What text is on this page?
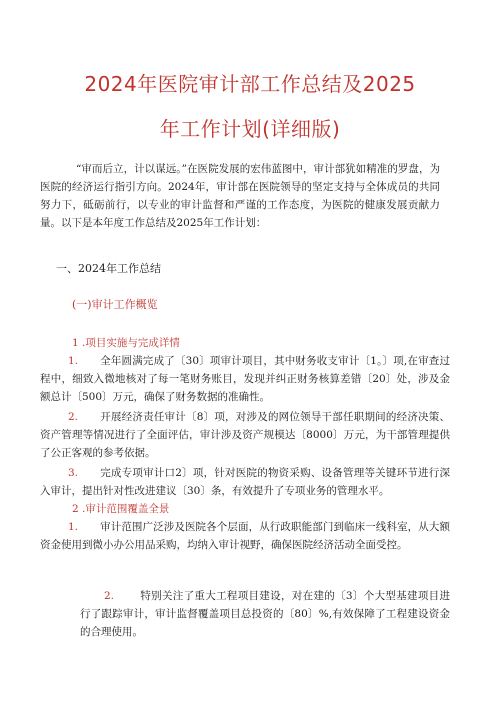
2024年医院审计部工作总结及2025
年工作计划(详细版)

“审而后立，计以谋远。”在医院发展的宏伟蓝图中，审计部犹如精准的罗盘，为医院的经济运行指引方向。2024年，审计部在医院领导的坚定支持与全体成员的共同努力下，砥砺前行，以专业的审计监督和严谨的工作态度，为医院的健康发展贡献力量。以下是本年度工作总结及2025年工作计划：

一、2024年工作总结
(一)审计工作概览
1 .项目实施与完成详情

1. 全年圆满完成了〔30〕项审计项目，其中财务收支审计〔1。〕项,在审查过程中，细致入微地核对了每一笔财务账目，发现并纠正财务核算差错〔20〕处，涉及金额总计〔500〕万元，确保了财务数据的准确性。

2. 开展经济责任审计〔8〕项，对涉及的网位领导干部任职期间的经济决策、资产管理等情况进行了全面评估，审计涉及资产规模达〔8000〕万元，为干部管理提供了公正客观的参考依据。

3. 完成专项审计口2〕项，针对医院的物资采购、设备管理等关键环节进行深入审计，提出针对性改进建议〔30〕条，有效提升了专项业务的管理水平。

2 .审计范围覆盖全景

1. 审计范围广泛涉及医院各个层面，从行政职能部门到临床一线科室，从大额资金使用到微小办公用品采购，均纳入审计视野，确保医院经济活动全面受控。

2. 特别关注了重大工程项目建设，对在建的〔3〕个大型基建项目进行了跟踪审计，审计监督覆盖项目总投资的〔80〕%,有效保障了工程建设资金的合理使用。
